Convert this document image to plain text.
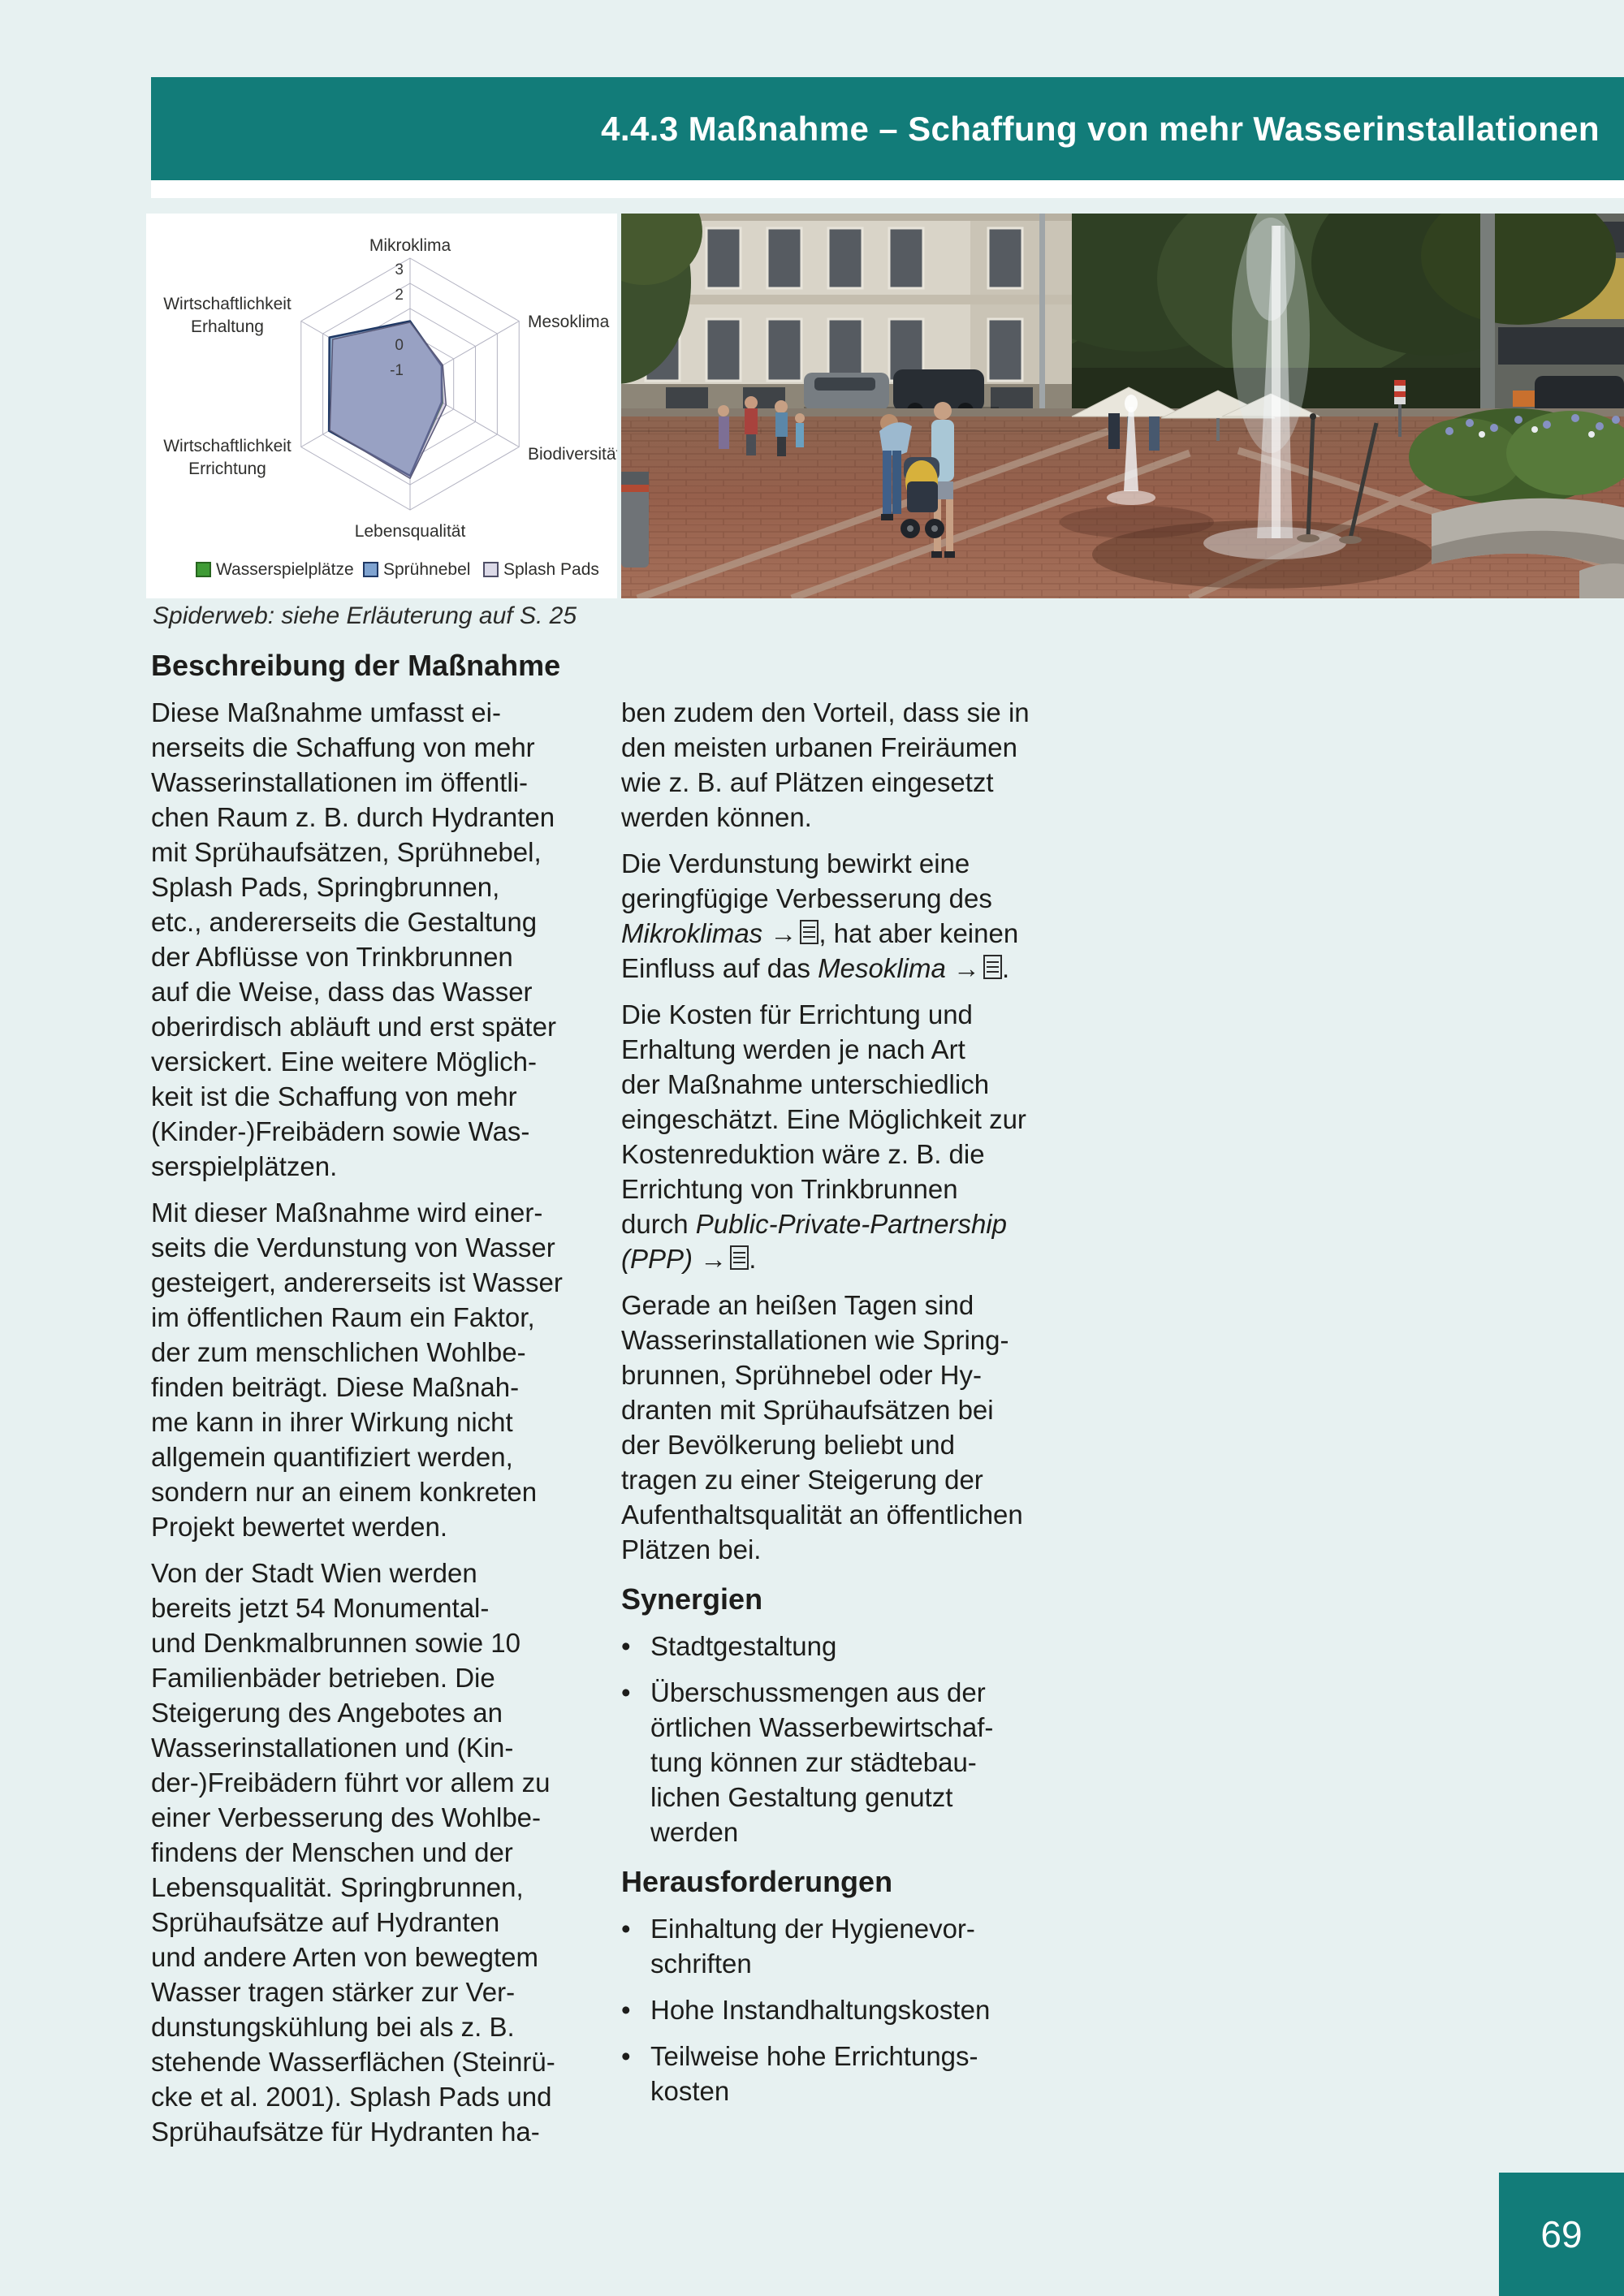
4.4.3 Maßnahme – Schaffung von mehr Wasserinstallationen
3
2
0
-1
Mikroklima
Mesoklima
Biodiversität
Lebensqualität
Wirtschaftlichkeit Errichtung
Wirtschaftlichkeit Erhaltung
Wasserspielplätze Sprühnebel Splash Pads
Spiderweb: siehe Erläuterung auf S. 25
Beschreibung der Maßnahme
Diese Maßnahme umfasst ei-
nerseits die Schaffung von mehr
Wasserinstallationen im öffentli-
chen Raum z. B. durch Hydranten
mit Sprühaufsätzen, Sprühnebel,
Splash Pads, Springbrunnen,
etc., andererseits die Gestaltung
der Abflüsse von Trinkbrunnen
auf die Weise, dass das Wasser
oberirdisch abläuft und erst später
versickert. Eine weitere Möglich-
keit ist die Schaffung von mehr
(Kinder-)Freibädern sowie Was-
serspielplätzen.
Mit dieser Maßnahme wird einer-
seits die Verdunstung von Wasser
gesteigert, andererseits ist Wasser
im öffentlichen Raum ein Faktor,
der zum menschlichen Wohlbe-
finden beiträgt. Diese Maßnah-
me kann in ihrer Wirkung nicht
allgemein quantifiziert werden,
sondern nur an einem konkreten
Projekt bewertet werden.
Von der Stadt Wien werden
bereits jetzt 54 Monumental-
und Denkmalbrunnen sowie 10
Familienbäder betrieben. Die
Steigerung des Angebotes an
Wasserinstallationen und (Kin-
der-)Freibädern führt vor allem zu
einer Verbesserung des Wohlbe-
findens der Menschen und der
Lebensqualität. Springbrunnen,
Sprühaufsätze auf Hydranten
und andere Arten von bewegtem
Wasser tragen stärker zur Ver-
dunstungskühlung bei als z. B.
stehende Wasserflächen (Steinrü-
cke et al. 2001). Splash Pads und
Sprühaufsätze für Hydranten ha-
ben zudem den Vorteil, dass sie in
den meisten urbanen Freiräumen
wie z. B. auf Plätzen eingesetzt
werden können.
Die Verdunstung bewirkt eine
geringfügige Verbesserung des
Mikroklimas → , hat aber keinen
Einfluss auf das Mesoklima → .
Die Kosten für Errichtung und
Erhaltung werden je nach Art
der Maßnahme unterschiedlich
eingeschätzt. Eine Möglichkeit zur
Kostenreduktion wäre z. B. die
Errichtung von Trinkbrunnen
durch Public-Private-Partnership
(PPP) → .
Gerade an heißen Tagen sind
Wasserinstallationen wie Spring-
brunnen, Sprühnebel oder Hy-
dranten mit Sprühaufsätzen bei
der Bevölkerung beliebt und
tragen zu einer Steigerung der
Aufenthaltsqualität an öffentlichen
Plätzen bei.
Synergien
• Stadtgestaltung
• Überschussmengen aus der
örtlichen Wasserbewirtschaf-
tung können zur städtebau-
lichen Gestaltung genutzt
werden
Herausforderungen
• Einhaltung der Hygienevor-
schriften
• Hohe Instandhaltungskosten
• Teilweise hohe Errichtungs-
kosten
69
